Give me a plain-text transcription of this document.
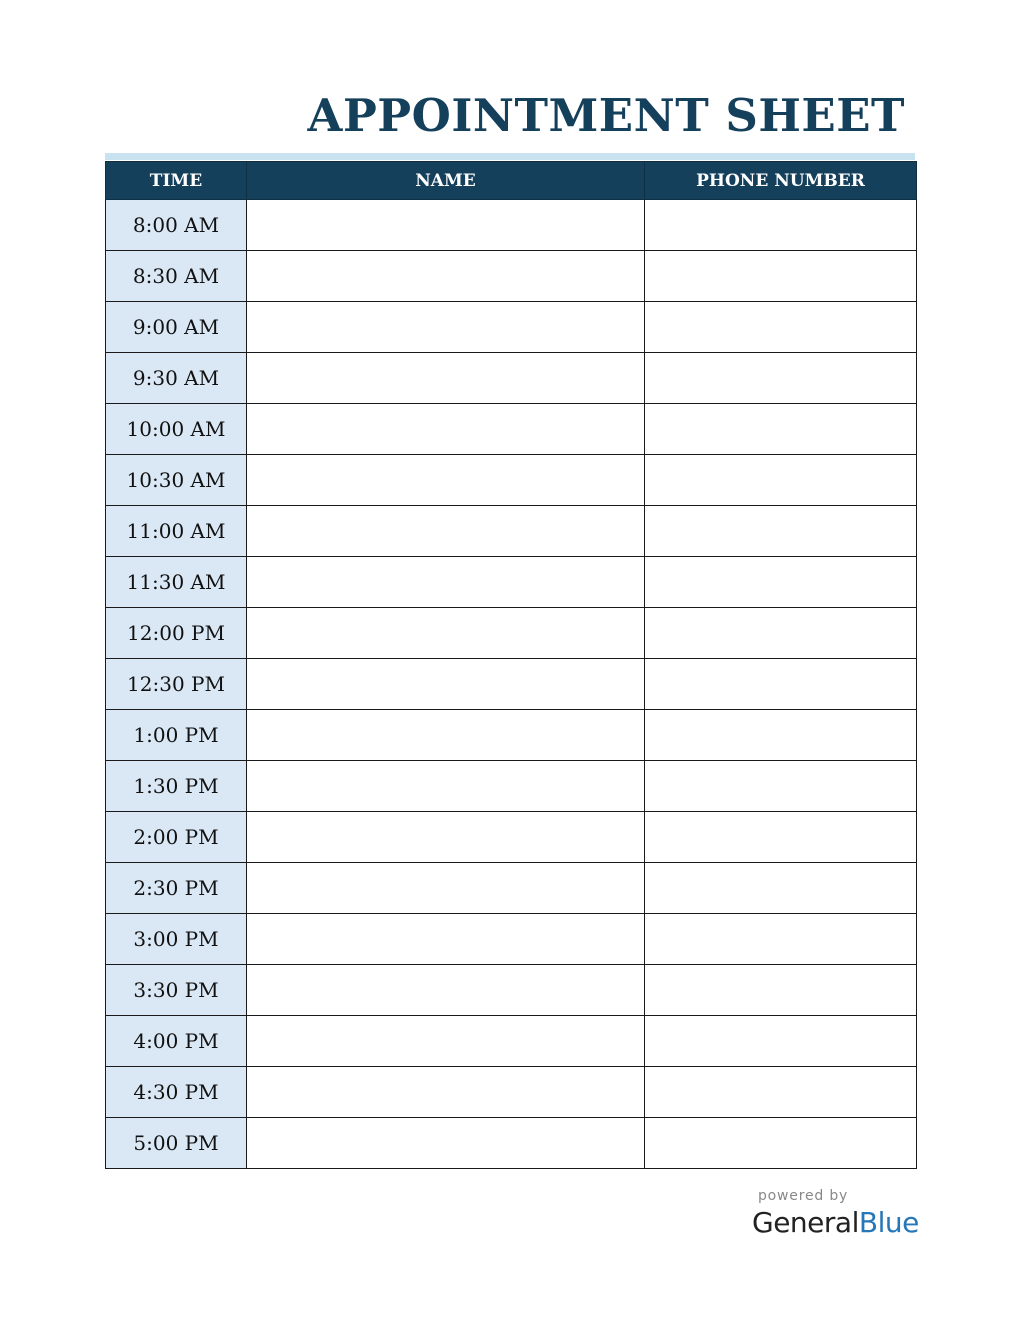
APPOINTMENT SHEET
TIME	NAME	PHONE NUMBER
8:00 AM		
8:30 AM		
9:00 AM		
9:30 AM		
10:00 AM		
10:30 AM		
11:00 AM		
11:30 AM		
12:00 PM		
12:30 PM		
1:00 PM		
1:30 PM		
2:00 PM		
2:30 PM		
3:00 PM		
3:30 PM		
4:00 PM		
4:30 PM		
5:00 PM		
powered by
GeneralBlue
